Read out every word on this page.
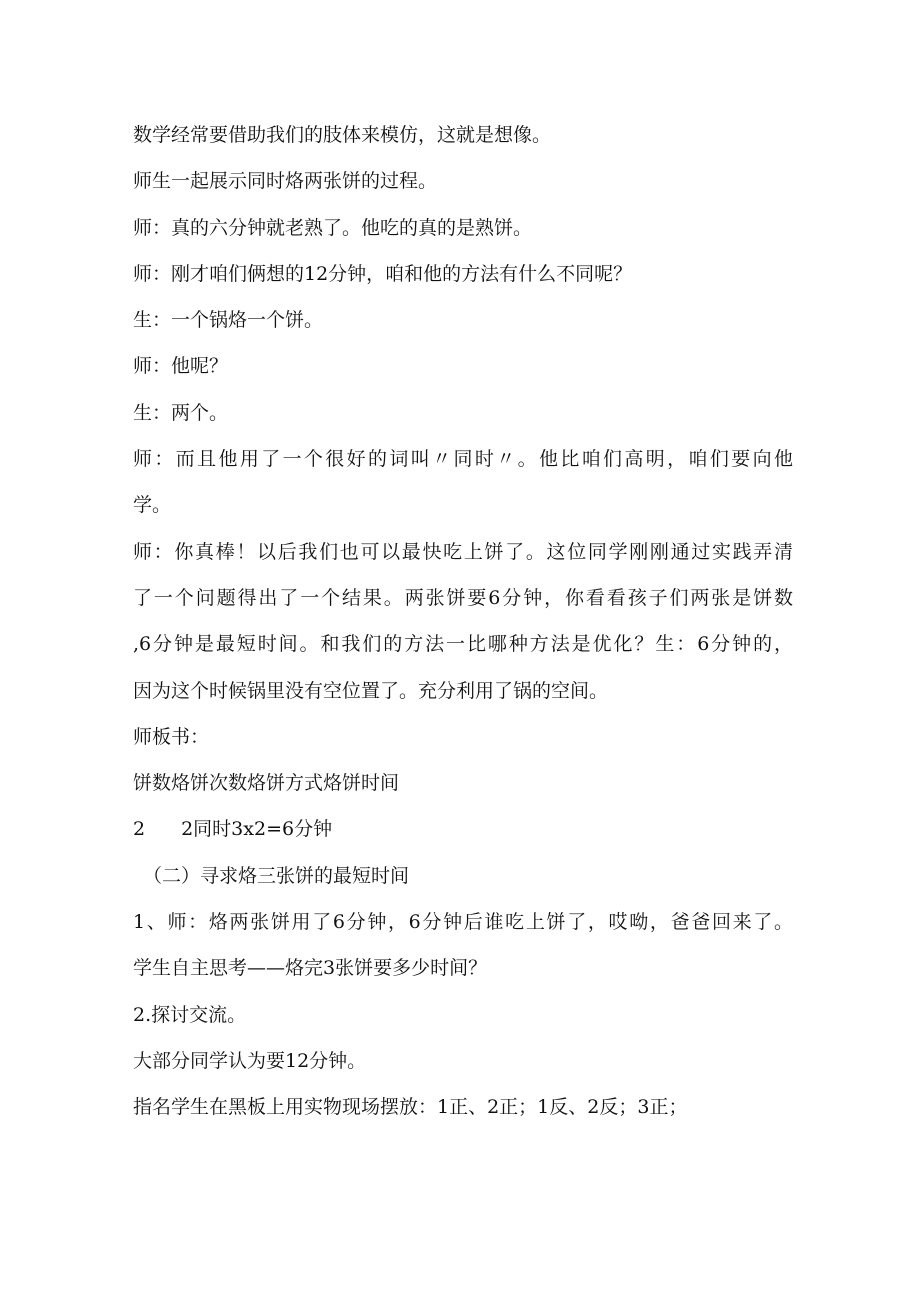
数学经常要借助我们的肢体来模仿，这就是想像。
师生一起展示同时烙两张饼的过程。
师：真的六分钟就老熟了。他吃的真的是熟饼。
师：刚才咱们俩想的12分钟，咱和他的方法有什么不同呢？
生：一个锅烙一个饼。
师：他呢？
生：两个。
师：而且他用了一个很好的词叫〃同时〃。他比咱们高明，咱们要向他
学。
师：你真棒！以后我们也可以最快吃上饼了。这位同学刚刚通过实践弄清
了一个问题得出了一个结果。两张饼要6分钟，你看看孩子们两张是饼数
,6分钟是最短时间。和我们的方法一比哪种方法是优化？生：6分钟的，
因为这个时候锅里没有空位置了。充分利用了锅的空间。
师板书：
饼数烙饼次数烙饼方式烙饼时间
2 2同时3x2=6分钟
（二）寻求烙三张饼的最短时间
1、师：烙两张饼用了6分钟，6分钟后谁吃上饼了，哎呦，爸爸回来了。
学生自主思考——烙完3张饼要多少时间？
2.探讨交流。
大部分同学认为要12分钟。
指名学生在黑板上用实物现场摆放：1正、2正；1反、2反；3正；
